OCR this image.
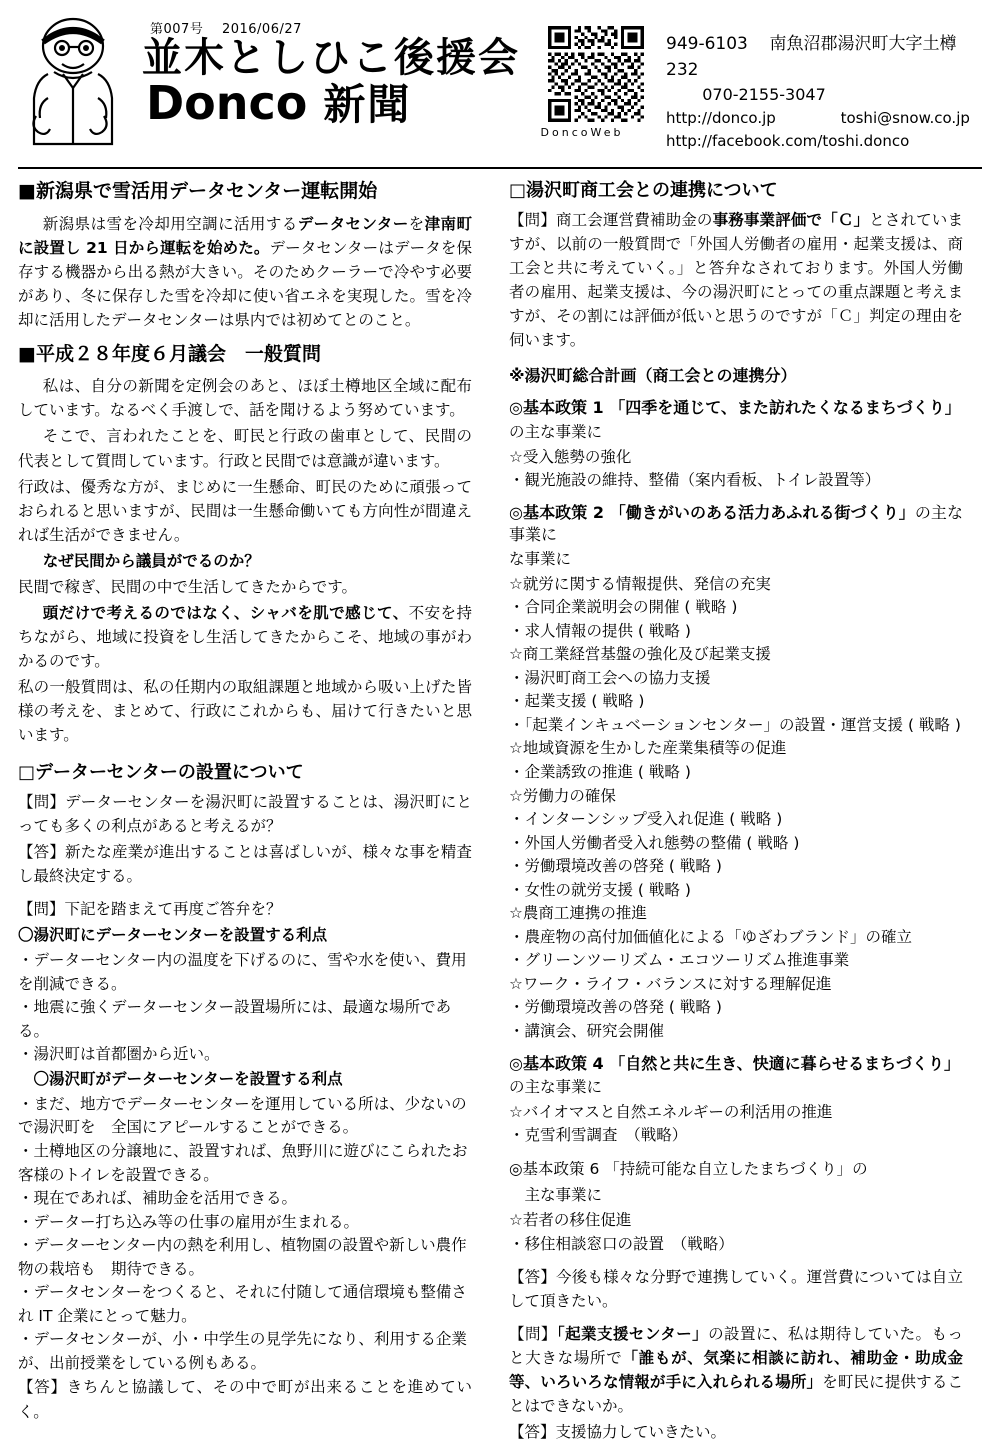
第007号 2016/06/27
並木としひこ後援会
Donco 新聞
DoncoWeb
949-6103 南魚沼郡湯沢町大字土樽 232
070-2155-3047
http://donco.jp	toshi@snow.co.jp
http://facebook.com/toshi.donco
■新潟県で雪活用データセンター運転開始

新潟県は雪を冷却用空調に活用するデータセンターを津南町に設置し 21 日から運転を始めた。データセンターはデータを保存する機器から出る熱が大きい。そのためクーラーで冷やす必要があり、冬に保存した雪を冷却に使い省エネを実現した。雪を冷却に活用したデータセンターは県内では初めてとのこと。

■平成２８年度６月議会　一般質問

私は、自分の新聞を定例会のあと、ほぼ土樽地区全域に配布しています。なるべく手渡しで、話を聞けるよう努めています。

そこで、言われたことを、町民と行政の歯車として、民間の代表として質問しています。行政と民間では意識が違います。

行政は、優秀な方が、まじめに一生懸命、町民のために頑張っておられると思いますが、民間は一生懸命働いても方向性が間違えれば生活ができません。

なぜ民間から議員がでるのか？

民間で稼ぎ、民間の中で生活してきたからです。

頭だけで考えるのではなく、シャバを肌で感じて、不安を持ちながら、地域に投資をし生活してきたからこそ、地域の事がわかるのです。

私の一般質問は、私の任期内の取組課題と地域から吸い上げた皆様の考えを、まとめて、行政にこれからも、届けて行きたいと思います。

□データーセンターの設置について

【問】データーセンターを湯沢町に設置することは、湯沢町にとっても多くの利点があると考えるが？

【答】新たな産業が進出することは喜ばしいが、様々な事を精査し最終決定する。

【問】下記を踏まえて再度ご答弁を？

〇湯沢町にデーターセンターを設置する利点

・データーセンター内の温度を下げるのに、雪や水を使い、費用を削減できる。
・地震に強くデーターセンター設置場所には、最適な場所である。
・湯沢町は首都圏から近い。

〇湯沢町がデーターセンターを設置する利点

・まだ、地方でデーターセンターを運用している所は、少ないので湯沢町を　全国にアピールすることができる。
・土樽地区の分譲地に、設置すれば、魚野川に遊びにこられたお客様のトイレを設置できる。
・現在であれば、補助金を活用できる。
・データー打ち込み等の仕事の雇用が生まれる。
・データーセンター内の熱を利用し、植物園の設置や新しい農作物の栽培も　期待できる。
・データセンターをつくると、それに付随して通信環境も整備され IT 企業にとって魅力。
・データセンターが、小・中学生の見学先になり、利用する企業が、出前授業をしている例もある。

【答】きちんと協議して、その中で町が出来ることを進めていく。

□湯沢町商工会との連携について

【問】商工会運営費補助金の事務事業評価で「Ｃ」とされていますが、以前の一般質問で「外国人労働者の雇用・起業支援は、商工会と共に考えていく。」と答弁なされております。外国人労働者の雇用、起業支援は、今の湯沢町にとっての重点課題と考えますが、その割には評価が低いと思うのですが「Ｃ」判定の理由を伺います。

※湯沢町総合計画（商工会との連携分）

◎基本政策 1 「四季を通じて、また訪れたくなるまちづくり」

の主な事業に

☆受入態勢の強化
・観光施設の維持、整備（案内看板、トイレ設置等）

◎基本政策 2 「働きがいのある活力あふれる街づくり」の主な事業に

な事業に

☆就労に関する情報提供、発信の充実
・合同企業説明会の開催 ( 戦略 )
・求人情報の提供 ( 戦略 )
☆商工業経営基盤の強化及び起業支援
・湯沢町商工会への協力支援
・起業支援 ( 戦略 )
・「起業インキュベーションセンター」の設置・運営支援 ( 戦略 )
☆地域資源を生かした産業集積等の促進
・企業誘致の推進 ( 戦略 )
☆労働力の確保
・インターンシップ受入れ促進 ( 戦略 )
・外国人労働者受入れ態勢の整備 ( 戦略 )
・労働環境改善の啓発 ( 戦略 )
・女性の就労支援 ( 戦略 )
☆農商工連携の推進
・農産物の高付加価値化による「ゆざわブランド」の確立
・グリーンツーリズム・エコツーリズム推進事業
☆ワーク・ライフ・バランスに対する理解促進
・労働環境改善の啓発 ( 戦略 )
・講演会、研究会開催

◎基本政策 4 「自然と共に生き、快適に暮らせるまちづくり」

の主な事業に

☆バイオマスと自然エネルギーの利活用の推進
・克雪利雪調査　（戦略）

◎基本政策 6 「持続可能な自立したまちづくり」の

主な事業に

☆若者の移住促進
・移住相談窓口の設置　（戦略）

【答】今後も様々な分野で連携していく。運営費については自立して頂きたい。

【問】「起業支援センター」の設置に、私は期待していた。もっと大きな場所で「誰もが、気楽に相談に訪れ、補助金・助成金等、いろいろな情報が手に入れられる場所」を町民に提供することはできないか。

【答】支援協力していきたい。
